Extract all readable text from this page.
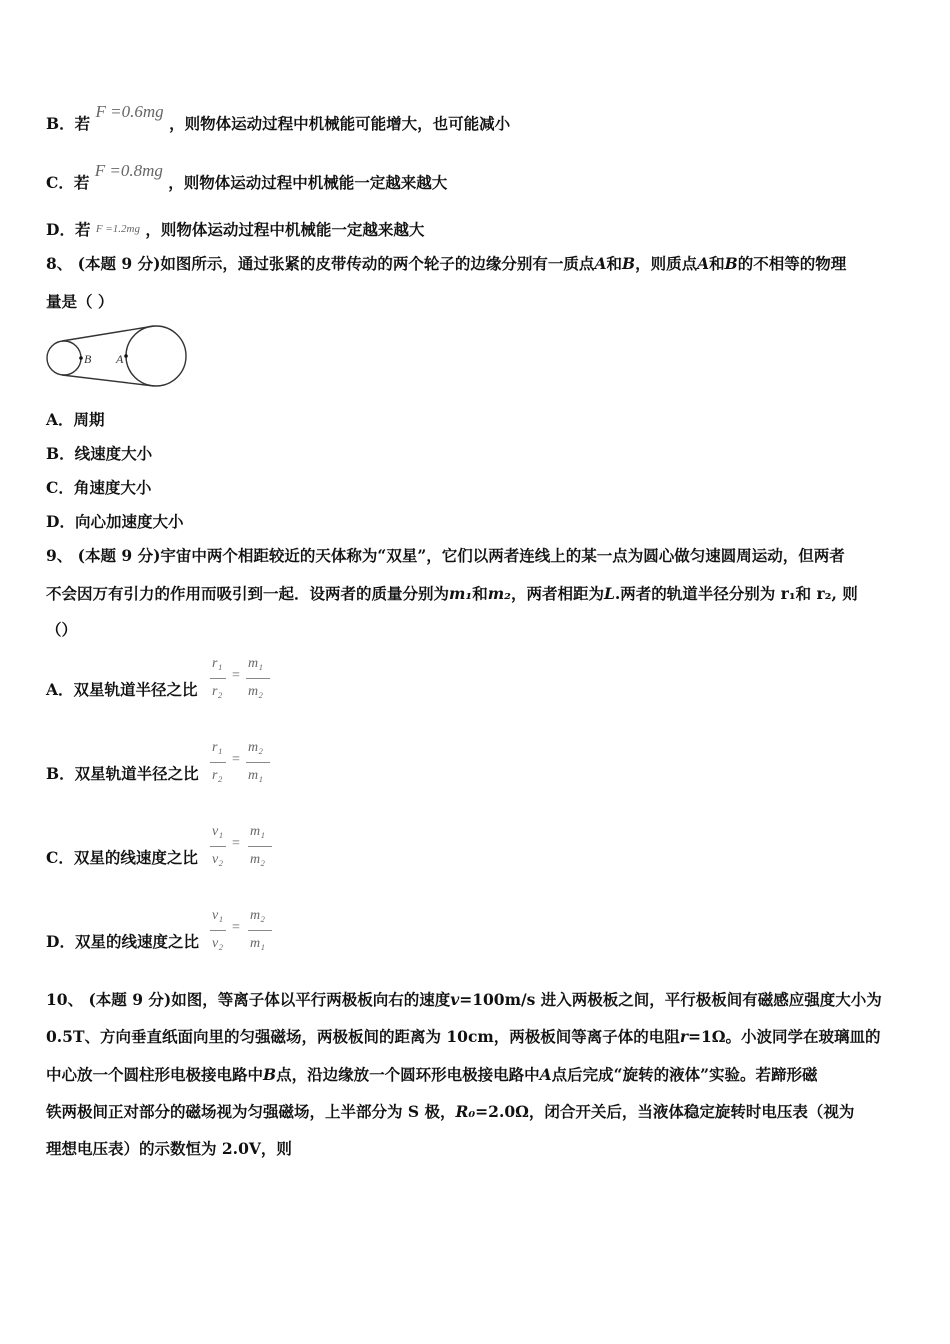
B．若 F =0.6mg ，则物体运动过程中机械能可能增大，也可能减小
C．若 F =0.8mg ，则物体运动过程中机械能一定越来越大
D．若 F =1.2mg ，则物体运动过程中机械能一定越来越大
8、 (本题 9 分)如图所示，通过张紧的皮带传动的两个轮子的边缘分别有一质点A和B，则质点A和B的不相等的物理
量是（ ）
B A
A．周期
B．线速度大小
C．角速度大小
D．向心加速度大小
9、 (本题 9 分)宇宙中两个相距较近的天体称为“双星”，它们以两者连线上的某一点为圆心做匀速圆周运动，但两者
不会因万有引力的作用而吸引到一起．设两者的质量分别为m₁和m₂，两者相距为L.两者的轨道半径分别为 r₁和 r₂, 则
（）
A．双星轨道半径之比
r₁
r₂
=
m₁
m₂
B．双星轨道半径之比
r₁
r₂
=
m₂
m₁
C．双星的线速度之比
v₁
v₂
=
m₁
m₂
D．双星的线速度之比
v₁
v₂
=
m₂
m₁
10、 (本题 9 分)如图，等离子体以平行两极板向右的速度v=100m/s 进入两极板之间，平行极板间有磁感应强度大小为
0.5T、方向垂直纸面向里的匀强磁场，两极板间的距离为 10cm，两极板间等离子体的电阻r=1Ω。小波同学在玻璃皿的
中心放一个圆柱形电极接电路中B点，沿边缘放一个圆环形电极接电路中A点后完成“旋转的液体”实验。若蹄形磁
铁两极间正对部分的磁场视为匀强磁场，上半部分为 S 极，R₀=2.0Ω，闭合开关后，当液体稳定旋转时电压表（视为
理想电压表）的示数恒为 2.0V，则
